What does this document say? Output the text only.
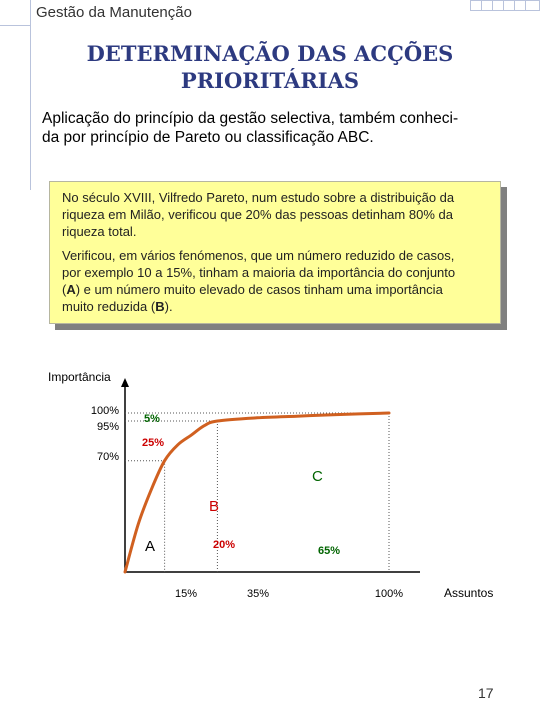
Gestão da Manutenção
DETERMINAÇÃO DAS ACÇÕES
PRIORITÁRIAS
Aplicação do princípio da gestão selectiva, também conheci-
da por princípio de Pareto ou classificação ABC.

No século XVIII, Vilfredo Pareto, num estudo sobre a distribuição da
riqueza em Milão, verificou que 20% das pessoas detinham 80% da
riqueza total.

Verificou, em vários fenómenos, que um número reduzido de casos,
por exemplo 10 a 15%, tinham a maioria da importância do conjunto
(A) e um número muito elevado de casos tinham uma importância
muito reduzida (B).

Importância
Assuntos
100%
95%
70%
15%	35%	100%
5%
25%
20%	65%
A
B
C
17
